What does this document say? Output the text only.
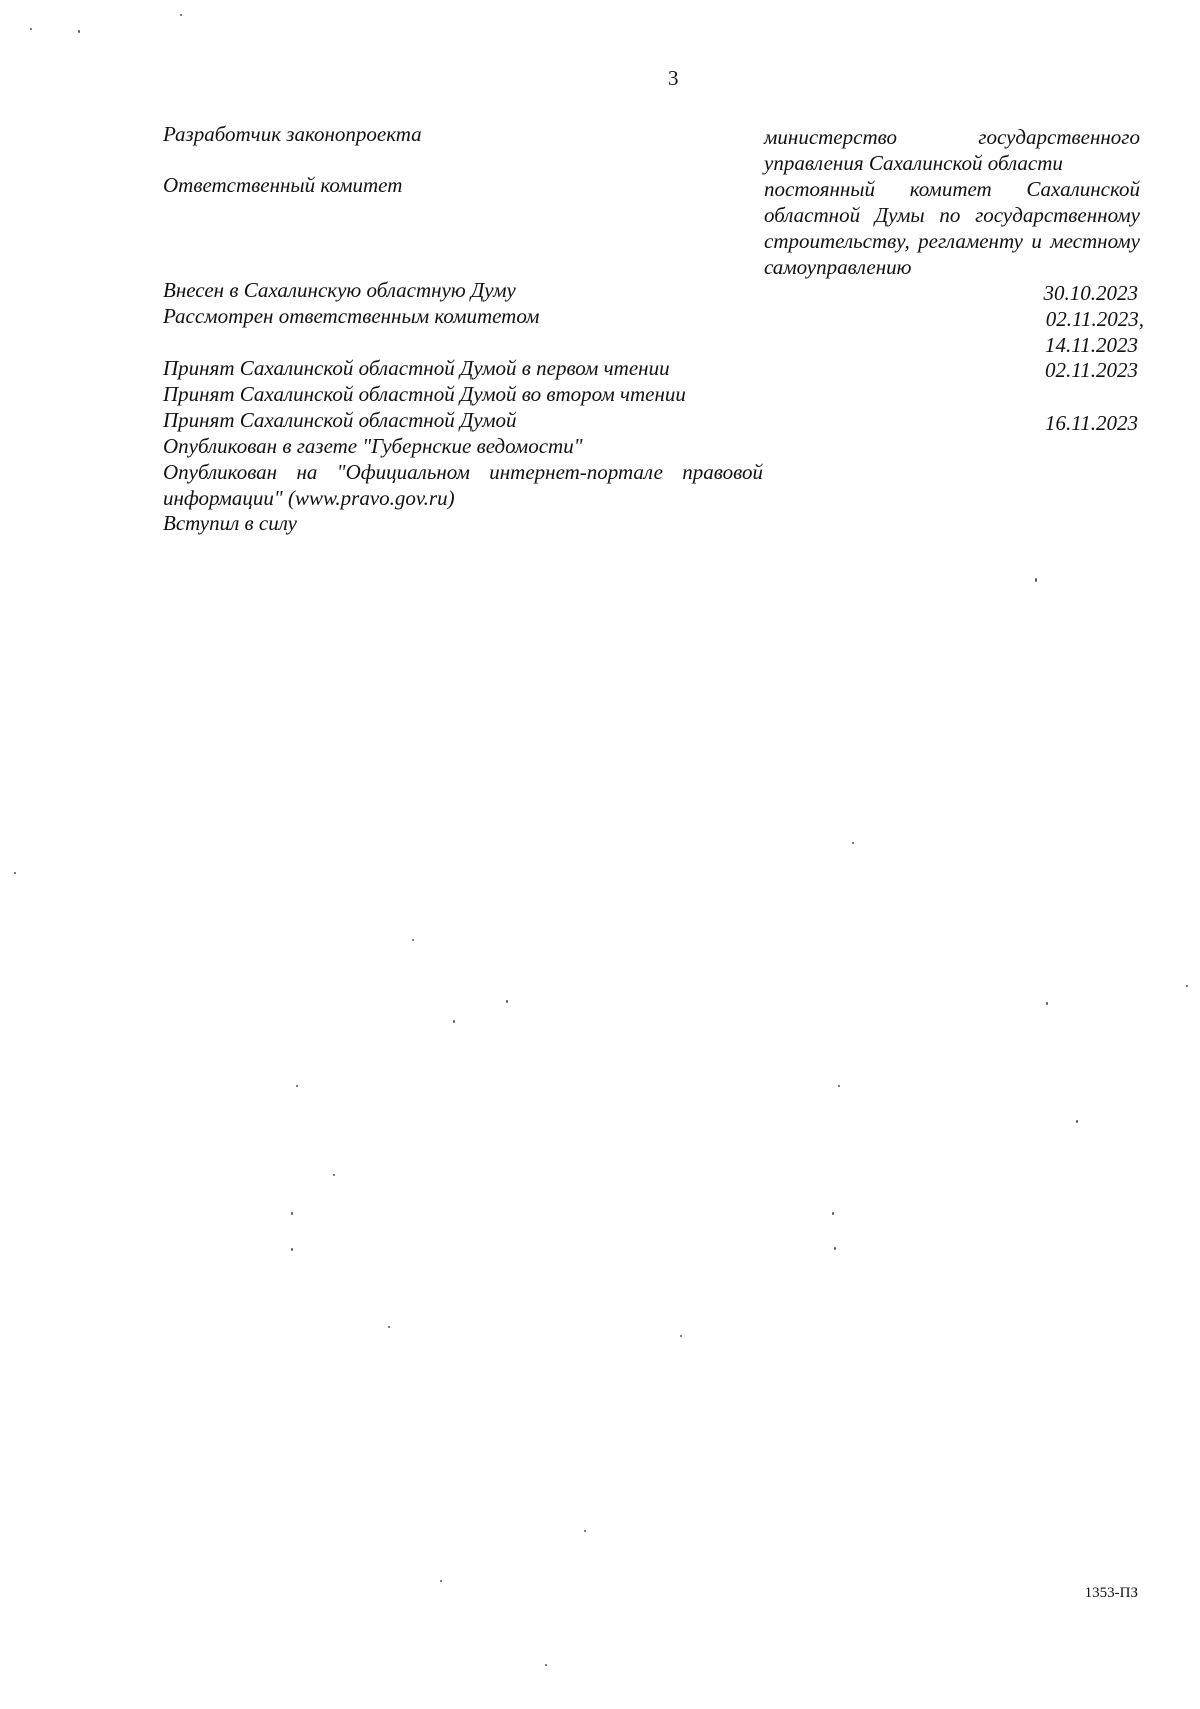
3
Разработчик законопроекта	министерство государственного управления Сахалинской области
Ответственный комитет	постоянный комитет Сахалинской областной Думы по государственному строительству, регламенту и местному самоуправлению
Внесен в Сахалинскую областную Думу	30.10.2023
Рассмотрен ответственным комитетом	02.11.2023,
14.11.2023
Принят Сахалинской областной Думой в первом чтении	02.11.2023
Принят Сахалинской областной Думой во втором чтении
Принят Сахалинской областной Думой	16.11.2023
Опубликован в газете "Губернские ведомости"
Опубликован на "Официальном интернет-портале правовой информации" (www.pravo.gov.ru)
Вступил в силу
1353-ПЗ
